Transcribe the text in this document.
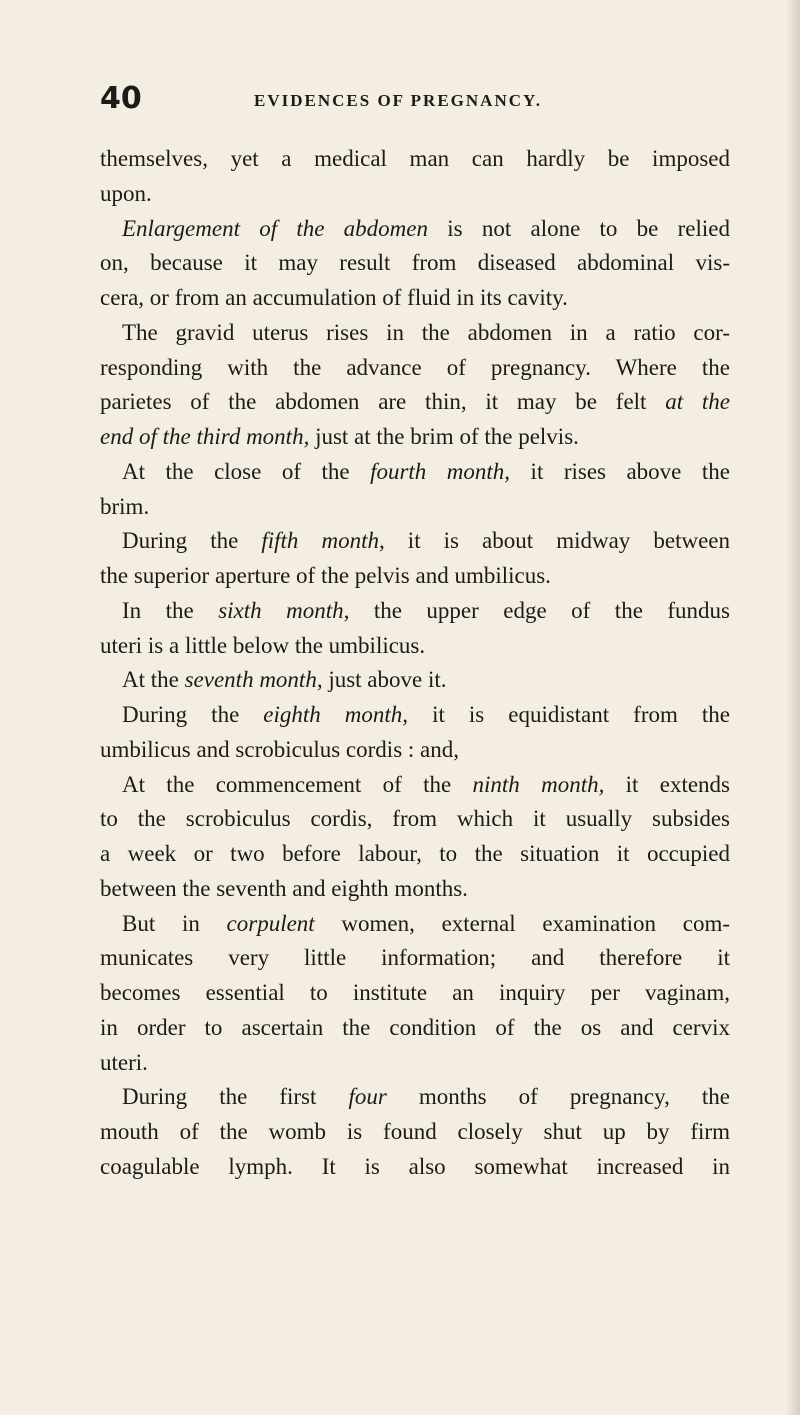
40	EVIDENCES OF PREGNANCY.
themselves, yet a medical man can hardly be imposed
upon.
Enlargement of the abdomen is not alone to be relied
on, because it may result from diseased abdominal vis-
cera, or from an accumulation of fluid in its cavity.
The gravid uterus rises in the abdomen in a ratio cor-
responding with the advance of pregnancy. Where the
parietes of the abdomen are thin, it may be felt at the
end of the third month, just at the brim of the pelvis.
At the close of the fourth month, it rises above the
brim.
During the fifth month, it is about midway between
the superior aperture of the pelvis and umbilicus.
In the sixth month, the upper edge of the fundus
uteri is a little below the umbilicus.
At the seventh month, just above it.
During the eighth month, it is equidistant from the
umbilicus and scrobiculus cordis : and,
At the commencement of the ninth month, it extends
to the scrobiculus cordis, from which it usually subsides
a week or two before labour, to the situation it occupied
between the seventh and eighth months.
But in corpulent women, external examination com-
municates very little information; and therefore it
becomes essential to institute an inquiry per vaginam,
in order to ascertain the condition of the os and cervix
uteri.
During the first four months of pregnancy, the
mouth of the womb is found closely shut up by firm
coagulable lymph. It is also somewhat increased in
